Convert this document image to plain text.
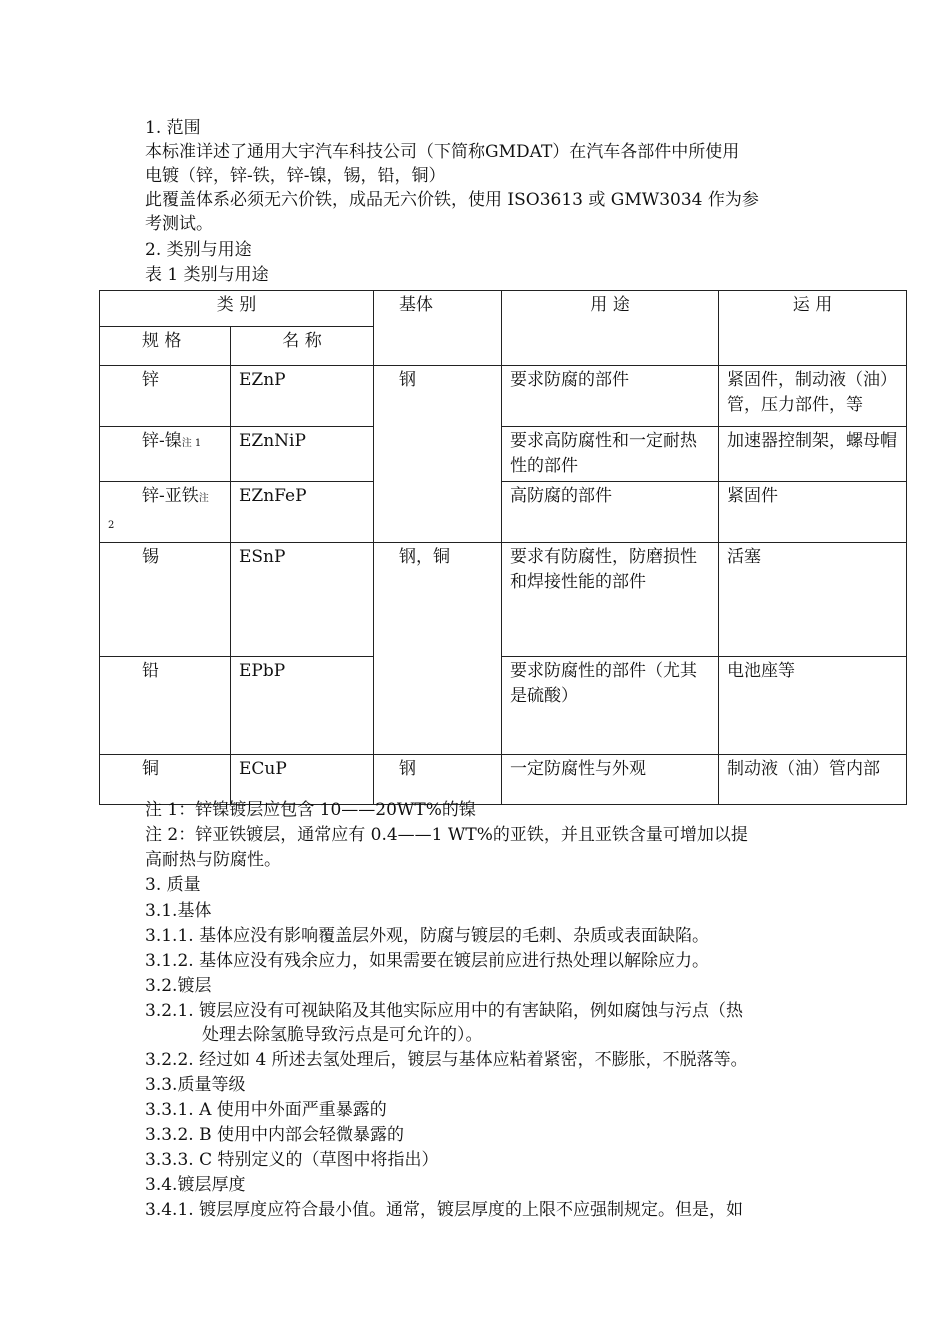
1. 范围
本标准详述了通用大宇汽车科技公司（下简称GMDAT）在汽车各部件中所使用
电镀（锌，锌-铁，锌-镍，锡，铅，铜）
此覆盖体系必须无六价铁，成品无六价铁，使用 ISO3613 或 GMW3034 作为参
考测试。
2. 类别与用途
表 1 类别与用途
类 别		基体	用 途	运 用
规 格	名 称			
锌	EZnP	钢	要求防腐的部件	紧固件，制动液（油）管，压力部件，等
锌-镍注 1	EZnNiP		要求高防腐性和一定耐热性的部件	加速器控制架，螺母帽
锌-亚铁注
2	EZnFeP		高防腐的部件	紧固件
锡	ESnP	钢，铜	要求有防腐性，防磨损性和焊接性能的部件	活塞
铅	EPbP		要求防腐性的部件（尤其是硫酸）	电池座等
铜	ECuP	钢	一定防腐性与外观	制动液（油）管内部
注 1：锌镍镀层应包含 10——20WT%的镍
注 2：锌亚铁镀层，通常应有 0.4——1 WT%的亚铁，并且亚铁含量可增加以提
高耐热与防腐性。
3. 质量
3.1.基体
3.1.1. 基体应没有影响覆盖层外观，防腐与镀层的毛刺、杂质或表面缺陷。
3.1.2. 基体应没有残余应力，如果需要在镀层前应进行热处理以解除应力。
3.2.镀层
3.2.1. 镀层应没有可视缺陷及其他实际应用中的有害缺陷，例如腐蚀与污点（热
处理去除氢脆导致污点是可允许的）。
3.2.2. 经过如 4 所述去氢处理后，镀层与基体应粘着紧密，不膨胀，不脱落等。
3.3.质量等级
3.3.1. A 使用中外面严重暴露的
3.3.2. B 使用中内部会轻微暴露的
3.3.3. C 特别定义的（草图中将指出）
3.4.镀层厚度
3.4.1. 镀层厚度应符合最小值。通常，镀层厚度的上限不应强制规定。但是，如
